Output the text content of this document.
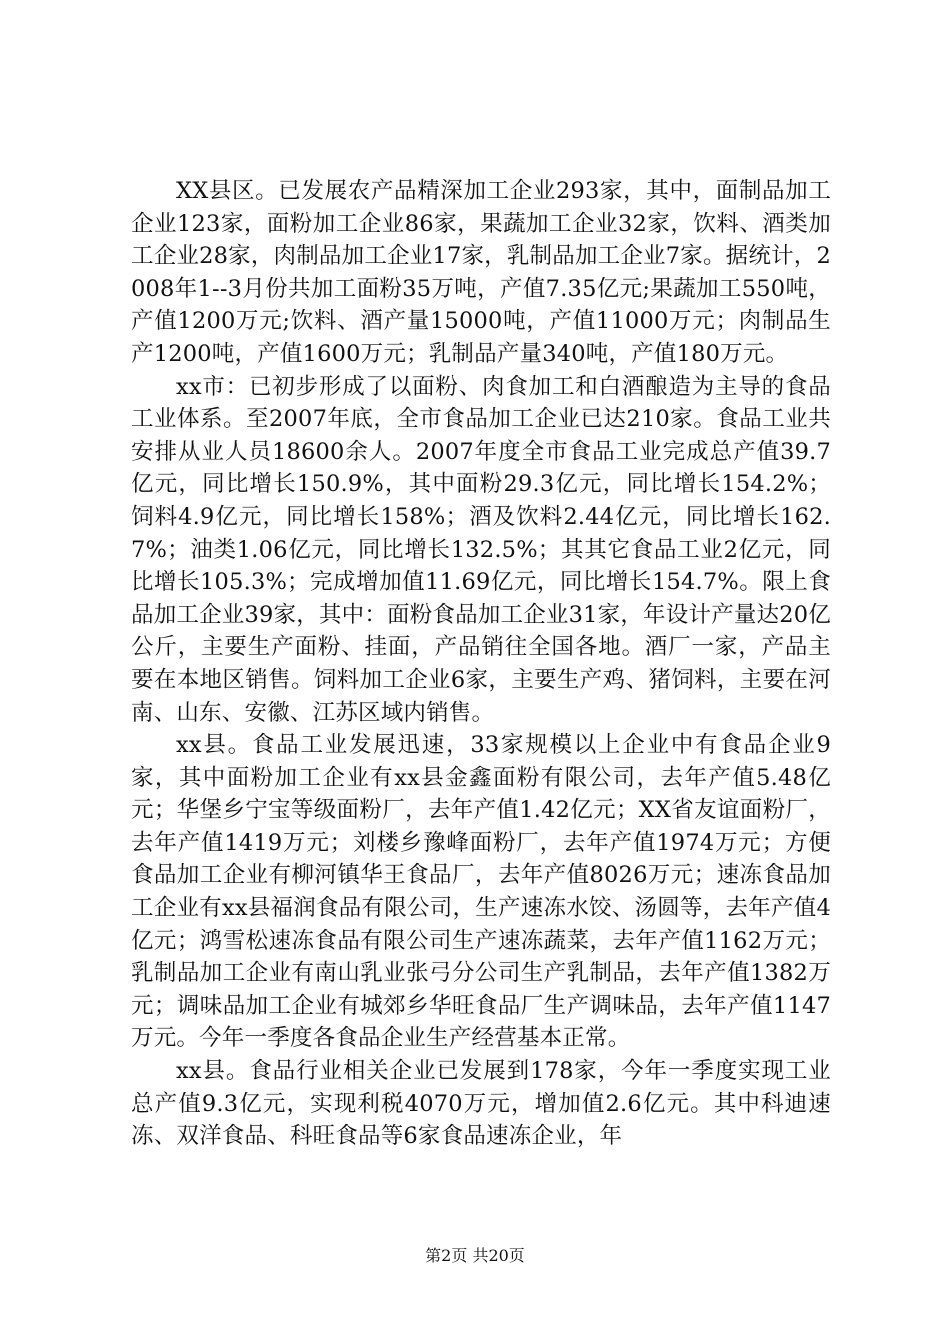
XX县区。已发展农产品精深加工企业293家，其中，面制品加工企业123家，面粉加工企业86家，果蔬加工企业32家，饮料、酒类加工企业28家，肉制品加工企业17家，乳制品加工企业7家。据统计，2008年1--3月份共加工面粉35万吨，产值7.35亿元;果蔬加工550吨，产值1200万元;饮料、酒产量15000吨，产值11000万元；肉制品生产1200吨，产值1600万元；乳制品产量340吨，产值180万元。

xx市：已初步形成了以面粉、肉食加工和白酒酿造为主导的食品工业体系。至2007年底，全市食品加工企业已达210家。食品工业共安排从业人员18600余人。2007年度全市食品工业完成总产值39.7亿元，同比增长150.9%，其中面粉29.3亿元，同比增长154.2%；饲料4.9亿元，同比增长158%；酒及饮料2.44亿元，同比增长162.7%；油类1.06亿元，同比增长132.5%；其其它食品工业2亿元，同比增长105.3%；完成增加值11.69亿元，同比增长154.7%。限上食品加工企业39家，其中：面粉食品加工企业31家，年设计产量达20亿公斤，主要生产面粉、挂面，产品销往全国各地。酒厂一家，产品主要在本地区销售。饲料加工企业6家，主要生产鸡、猪饲料，主要在河南、山东、安徽、江苏区域内销售。

xx县。食品工业发展迅速，33家规模以上企业中有食品企业9家，其中面粉加工企业有xx县金鑫面粉有限公司，去年产值5.48亿元；华堡乡宁宝等级面粉厂，去年产值1.42亿元；XX省友谊面粉厂，去年产值1419万元；刘楼乡豫峰面粉厂，去年产值1974万元；方便食品加工企业有柳河镇华王食品厂，去年产值8026万元；速冻食品加工企业有xx县福润食品有限公司，生产速冻水饺、汤圆等，去年产值4亿元；鸿雪松速冻食品有限公司生产速冻蔬菜，去年产值1162万元；乳制品加工企业有南山乳业张弓分公司生产乳制品，去年产值1382万元；调味品加工企业有城郊乡华旺食品厂生产调味品，去年产值1147万元。今年一季度各食品企业生产经营基本正常。

xx县。食品行业相关企业已发展到178家，今年一季度实现工业总产值9.3亿元，实现利税4070万元，增加值2.6亿元。其中科迪速冻、双洋食品、科旺食品等6家食品速冻企业，年

第2页 共20页
